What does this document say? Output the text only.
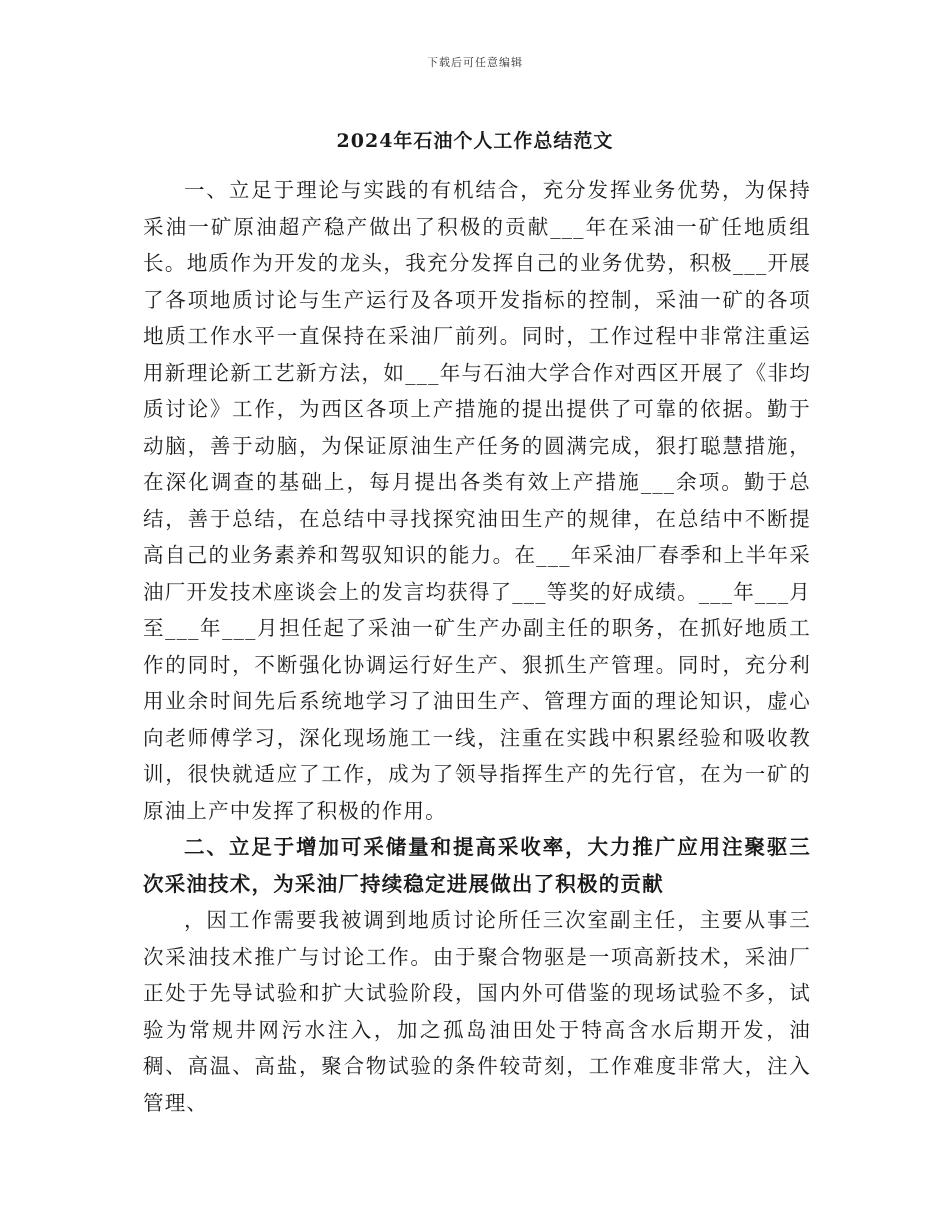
下载后可任意编辑
2024年石油个人工作总结范文

一、立足于理论与实践的有机结合，充分发挥业务优势，为保持采油一矿原油超产稳产做出了积极的贡献___年在采油一矿任地质组长。地质作为开发的龙头，我充分发挥自己的业务优势，积极___开展了各项地质讨论与生产运行及各项开发指标的控制，采油一矿的各项地质工作水平一直保持在采油厂前列。同时，工作过程中非常注重运用新理论新工艺新方法，如___年与石油大学合作对西区开展了《非均质讨论》工作，为西区各项上产措施的提出提供了可靠的依据。勤于动脑，善于动脑，为保证原油生产任务的圆满完成，狠打聪慧措施，在深化调查的基础上，每月提出各类有效上产措施___余项。勤于总结，善于总结，在总结中寻找探究油田生产的规律，在总结中不断提高自己的业务素养和驾驭知识的能力。在___年采油厂春季和上半年采油厂开发技术座谈会上的发言均获得了___等奖的好成绩。___年___月至___年___月担任起了采油一矿生产办副主任的职务，在抓好地质工作的同时，不断强化协调运行好生产、狠抓生产管理。同时，充分利用业余时间先后系统地学习了油田生产、管理方面的理论知识，虚心向老师傅学习，深化现场施工一线，注重在实践中积累经验和吸收教训，很快就适应了工作，成为了领导指挥生产的先行官，在为一矿的原油上产中发挥了积极的作用。

二、立足于增加可采储量和提高采收率，大力推广应用注聚驱三次采油技术，为采油厂持续稳定进展做出了积极的贡献

，因工作需要我被调到地质讨论所任三次室副主任，主要从事三次采油技术推广与讨论工作。由于聚合物驱是一项高新技术，采油厂正处于先导试验和扩大试验阶段，国内外可借鉴的现场试验不多，试验为常规井网污水注入，加之孤岛油田处于特高含水后期开发，油稠、高温、高盐，聚合物试验的条件较苛刻，工作难度非常大，注入管理、
